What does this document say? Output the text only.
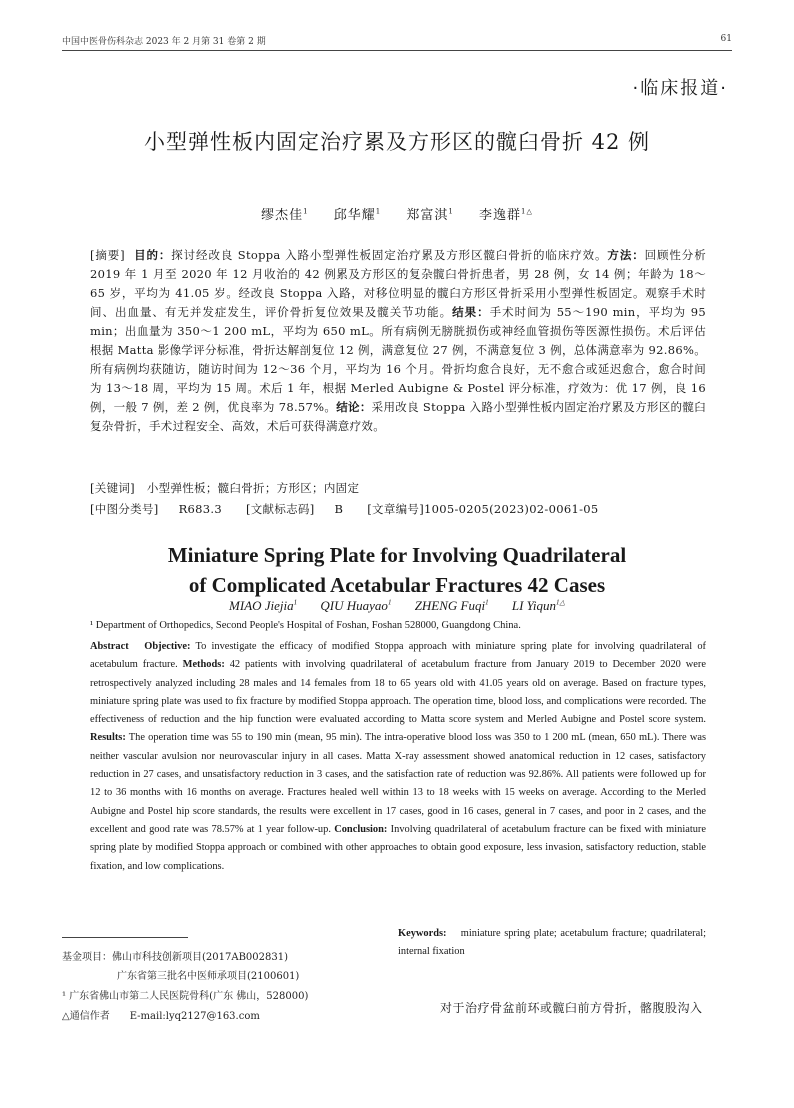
中国中医骨伤科杂志 2023 年 2 月第 31 卷第 2 期	61
·临床报道·
小型弹性板内固定治疗累及方形区的髋臼骨折 42 例
缪杰佳$^1$ 邱华耀$^1$ 郑富淇$^1$ 李逸群$^{1\triangle}$
[摘要] 目的：探讨经改良 Stoppa 入路小型弹性板固定治疗累及方形区髋臼骨折的临床疗效。方法：回顾性分析 2019 年 1 月至 2020 年 12 月收治的 42 例累及方形区的复杂髋臼骨折患者，男 28 例，女 14 例；年龄为 18～65 岁，平均为 41.05 岁。经改良 Stoppa 入路，对移位明显的髋臼方形区骨折采用小型弹性板固定。观察手术时间、出血量、有无并发症发生，评价骨折复位效果及髋关节功能。结果：手术时间为 55～190 min，平均为 95 min；出血量为 350～1 200 mL，平均为 650 mL。所有病例无膀胱损伤或神经血管损伤等医源性损伤。术后评估根据 Matta 影像学评分标准，骨折达解剖复位 12 例，满意复位 27 例，不满意复位 3 例，总体满意率为 92.86%。所有病例均获随访，随访时间为 12～36 个月，平均为 16 个月。骨折均愈合良好，无不愈合或延迟愈合，愈合时间为 13～18 周，平均为 15 周。术后 1 年，根据 Merled Aubigne & Postel 评分标准，疗效为：优 17 例，良 16 例，一般 7 例，差 2 例，优良率为 78.57%。结论：采用改良 Stoppa 入路小型弹性板内固定治疗累及方形区的髋臼复杂骨折，手术过程安全、高效，术后可获得满意疗效。
[关键词] 小型弹性板；髋臼骨折；方形区；内固定
[中图分类号] R683.3 [文献标志码] B [文章编号]1005-0205(2023)02-0061-05
Miniature Spring Plate for Involving Quadrilateral
of Complicated Acetabular Fractures 42 Cases
MIAO Jiejia$^1$ QIU Huayao$^1$ ZHENG Fuqi$^1$ LI Yiqun$^{1\triangle}$
¹ Department of Orthopedics, Second People's Hospital of Foshan, Foshan 528000, Guangdong China.
Abstract Objective: To investigate the efficacy of modified Stoppa approach with miniature spring plate for involving quadrilateral of acetabulum fracture. Methods: 42 patients with involving quadrilateral of acetabulum fracture from January 2019 to December 2020 were retrospectively analyzed including 28 males and 14 females from 18 to 65 years old with 41.05 years old on average. Based on fracture types, miniature spring plate was used to fix fracture by modified Stoppa approach. The operation time, blood loss, and complications were recorded. The effectiveness of reduction and the hip function were evaluated according to Matta score system and Merled Aubigne and Postel score system. Results: The operation time was 55 to 190 min (mean, 95 min). The intra-operative blood loss was 350 to 1 200 mL (mean, 650 mL). There was neither vascular avulsion nor neurovascular injury in all cases. Matta X-ray assessment showed anatomical reduction in 12 cases, satisfactory reduction in 27 cases, and unsatisfactory reduction in 3 cases, and the satisfaction rate of reduction was 92.86%. All patients were followed up for 12 to 36 months with 16 months on average. Fractures healed well within 13 to 18 weeks with 15 weeks on average. According to the Merled Aubigne and Postel hip score standards, the results were excellent in 17 cases, good in 16 cases, general in 7 cases, and poor in 2 cases, and the excellent and good rate was 78.57% at 1 year follow-up. Conclusion: Involving quadrilateral of acetabulum fracture can be fixed with miniature spring plate by modified Stoppa approach or combined with other approaches to obtain good exposure, less invasion, satisfactory reduction, stable fixation, and low complications.
Keywords: miniature spring plate; acetabulum fracture; quadrilateral; internal fixation
基金项目：佛山市科技创新项目(2017AB002831)
广东省第三批名中医师承项目(2100601)
¹ 广东省佛山市第二人民医院骨科(广东 佛山，528000)
△通信作者　　E-mail:lyq2127@163.com
对于治疗骨盆前环或髋臼前方骨折，髂腹股沟入
